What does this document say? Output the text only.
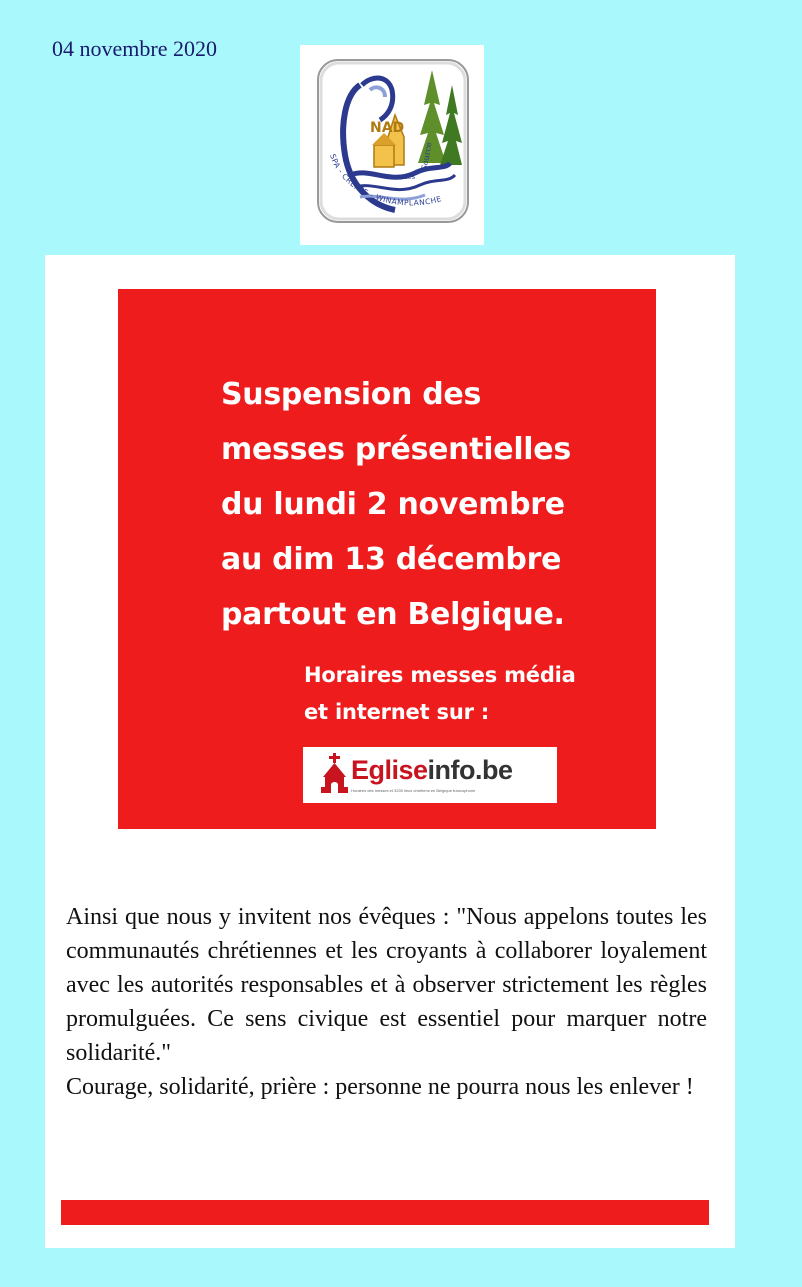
04 novembre 2020
NAD
des
Source
SPA - CREPPE - WINAMPLANCHE
Suspension des
messes présentielles
du lundi 2 novembre
au dim 13 décembre
partout en Belgique.
Horaires messes média
et internet sur :
Egliseinfo.be
Horaires des messes et 3200 lieux chrétiens en Belgique francophone

Ainsi que nous y invitent nos évêques : "Nous appelons toutes les communautés chrétiennes et les croyants à collaborer loyalement avec les autorités responsables et à observer strictement les règles promulguées. Ce sens civique est essentiel pour marquer notre solidarité."

Courage, solidarité, prière : personne ne pourra nous les enlever !

.
